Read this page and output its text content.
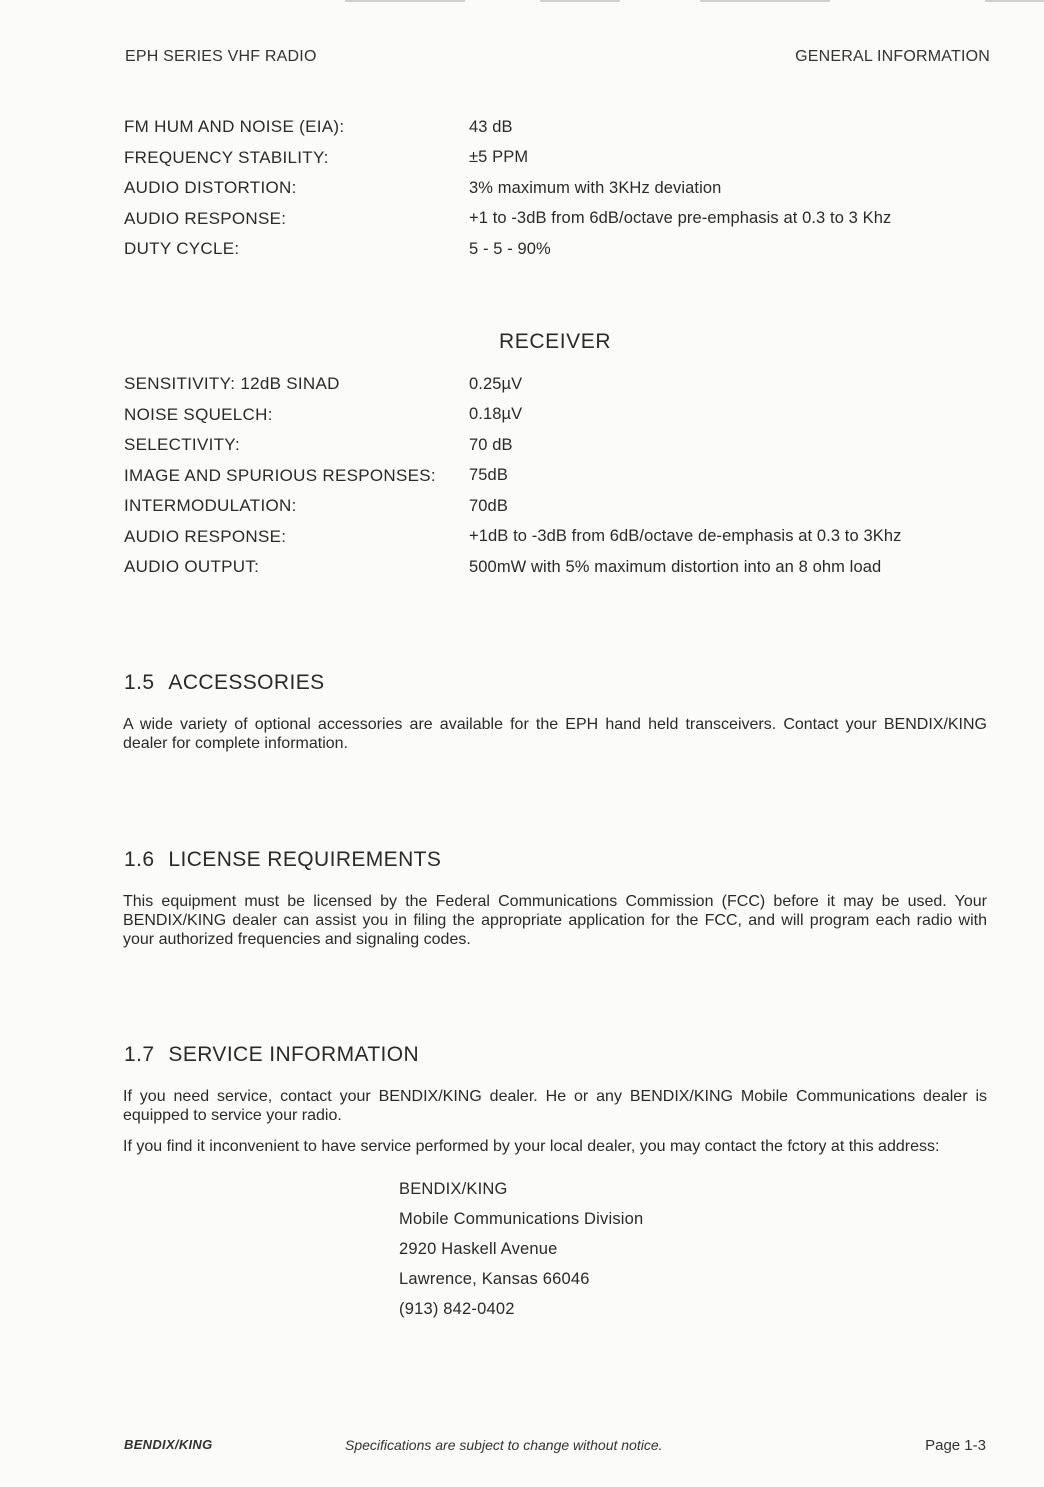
EPH SERIES VHF RADIO	GENERAL INFORMATION
FM HUM AND NOISE (EIA):	43 dB
FREQUENCY STABILITY:	±5 PPM
AUDIO DISTORTION:	3% maximum with 3KHz deviation
AUDIO RESPONSE:	+1 to -3dB from 6dB/octave pre-emphasis at 0.3 to 3 Khz
DUTY CYCLE:	5 - 5 - 90%
RECEIVER
SENSITIVITY: 12dB SINAD	0.25µV
NOISE SQUELCH:	0.18µV
SELECTIVITY:	70 dB
IMAGE AND SPURIOUS RESPONSES:	75dB
INTERMODULATION:	70dB
AUDIO RESPONSE:	+1dB to -3dB from 6dB/octave de-emphasis at 0.3 to 3Khz
AUDIO OUTPUT:	500mW with 5% maximum distortion into an 8 ohm load
1.5 ACCESSORIES

A wide variety of optional accessories are available for the EPH hand held transceivers. Contact your BENDIX/KING dealer for complete information.

1.6 LICENSE REQUIREMENTS

This equipment must be licensed by the Federal Communications Commission (FCC) before it may be used. Your BENDIX/KING dealer can assist you in filing the appropriate application for the FCC, and will program each radio with your authorized frequencies and signaling codes.

1.7 SERVICE INFORMATION

If you need service, contact your BENDIX/KING dealer. He or any BENDIX/KING Mobile Communications dealer is equipped to service your radio.

If you find it inconvenient to have service performed by your local dealer, you may contact the fctory at this address:

BENDIX/KING
Mobile Communications Division
2920 Haskell Avenue
Lawrence, Kansas 66046
(913) 842-0402
BENDIX/KING	Specifications are subject to change without notice.	Page 1-3
